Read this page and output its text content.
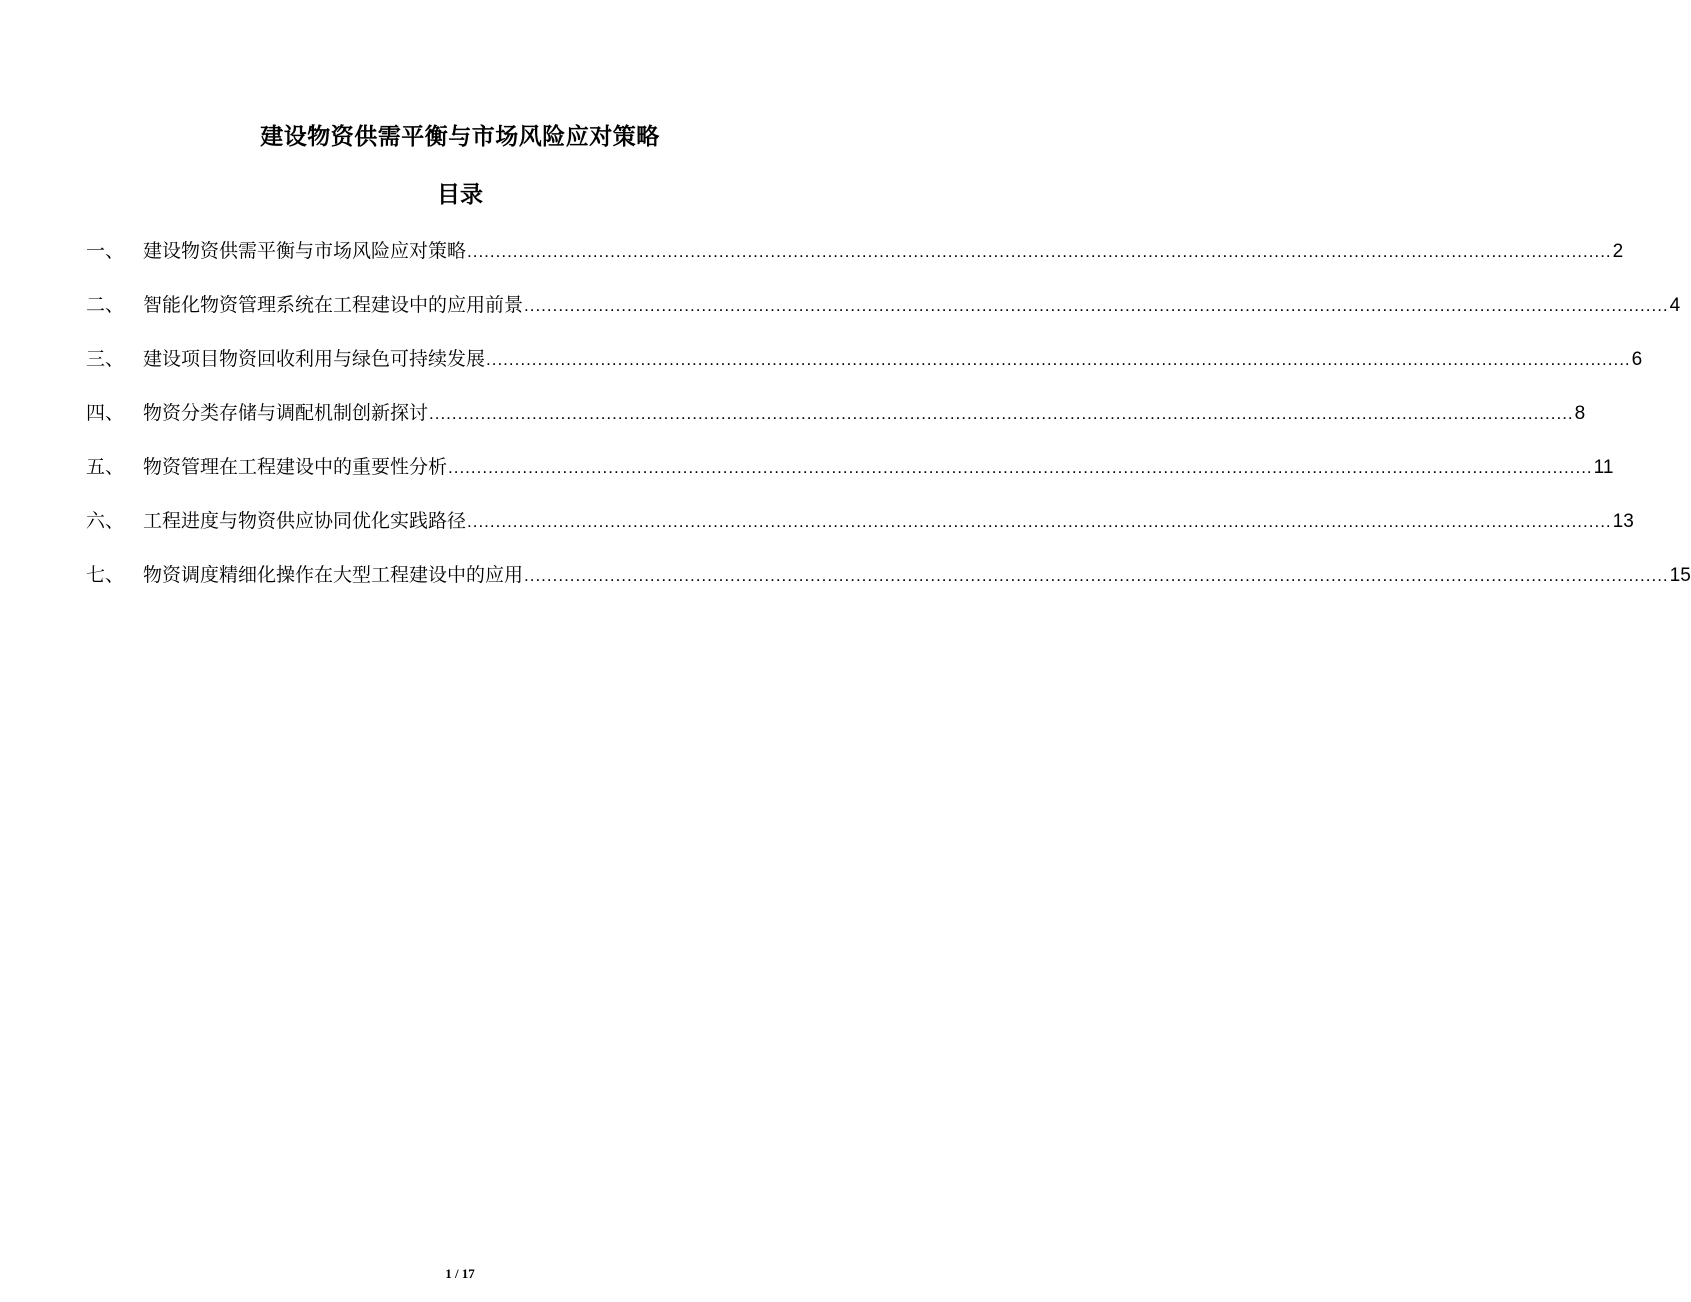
建设物资供需平衡与市场风险应对策略
目录
一、 建设物资供需平衡与市场风险应对策略 ........................................................................................................................................................................................................ 2
二、 智能化物资管理系统在工程建设中的应用前景 ........................................................................................................................................................................................................ 4
三、 建设项目物资回收利用与绿色可持续发展 ........................................................................................................................................................................................................ 6
四、 物资分类存储与调配机制创新探讨 ........................................................................................................................................................................................................ 8
五、 物资管理在工程建设中的重要性分析 ........................................................................................................................................................................................................ 11
六、 工程进度与物资供应协同优化实践路径 ........................................................................................................................................................................................................ 13
七、 物资调度精细化操作在大型工程建设中的应用 ........................................................................................................................................................................................................ 15
1 / 17
